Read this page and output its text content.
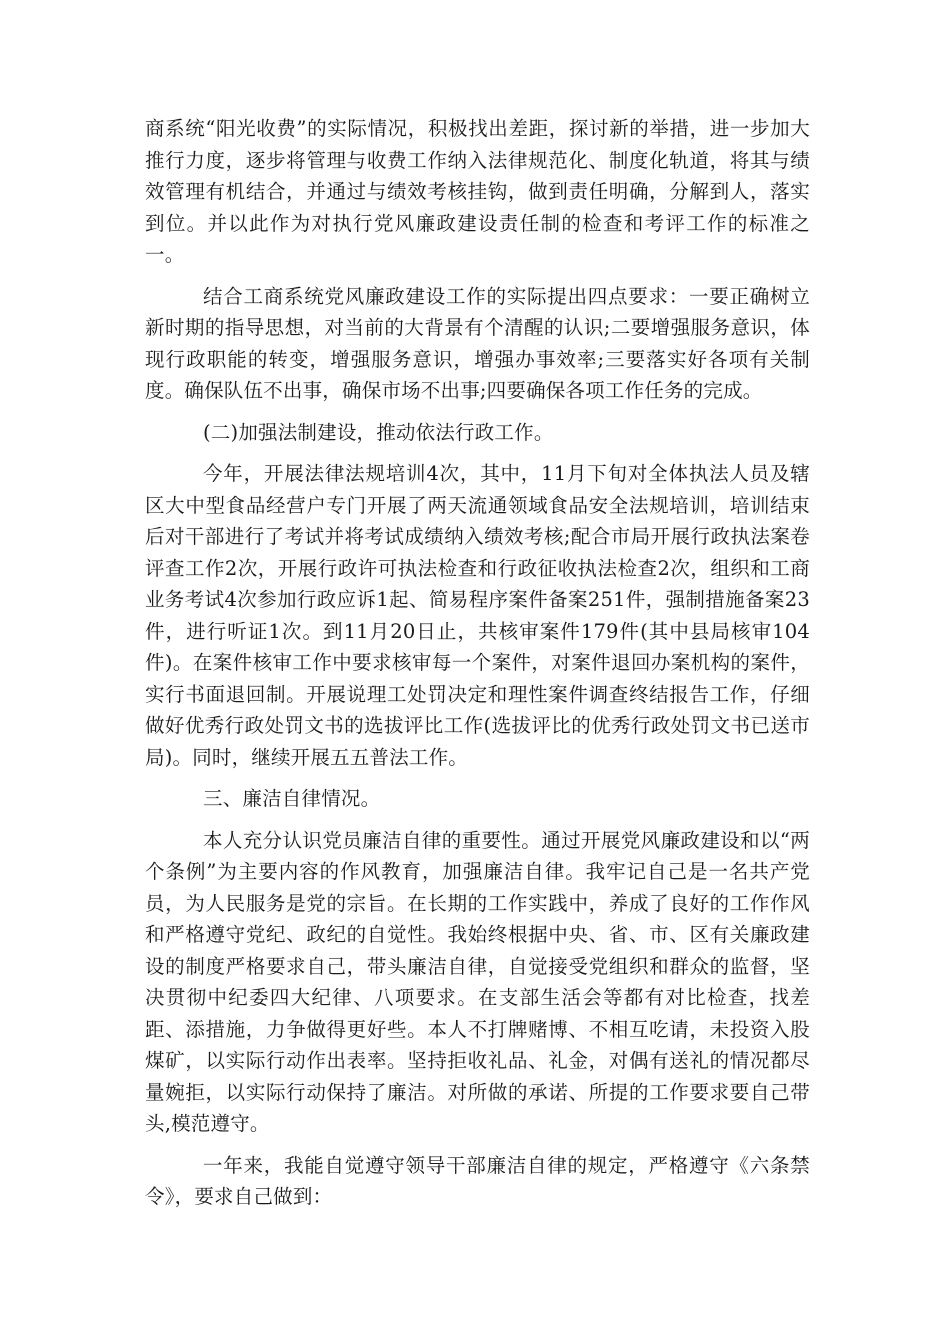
商系统“阳光收费”的实际情况，积极找出差距，探讨新的举措，进一步加大推行力度，逐步将管理与收费工作纳入法律规范化、制度化轨道，将其与绩效管理有机结合，并通过与绩效考核挂钩，做到责任明确，分解到人，落实到位。并以此作为对执行党风廉政建设责任制的检查和考评工作的标准之一。

结合工商系统党风廉政建设工作的实际提出四点要求：一要正确树立新时期的指导思想，对当前的大背景有个清醒的认识;二要增强服务意识，体现行政职能的转变，增强服务意识，增强办事效率;三要落实好各项有关制度。确保队伍不出事，确保市场不出事;四要确保各项工作任务的完成。

(二)加强法制建设，推动依法行政工作。

今年，开展法律法规培训4次，其中，11月下旬对全体执法人员及辖区大中型食品经营户专门开展了两天流通领域食品安全法规培训，培训结束后对干部进行了考试并将考试成绩纳入绩效考核;配合市局开展行政执法案卷评查工作2次，开展行政许可执法检查和行政征收执法检查2次，组织和工商业务考试4次参加行政应诉1起、简易程序案件备案251件，强制措施备案23件，进行听证1次。到11月20日止，共核审案件179件(其中县局核审104件)。在案件核审工作中要求核审每一个案件，对案件退回办案机构的案件，实行书面退回制。开展说理工处罚决定和理性案件调查终结报告工作，仔细做好优秀行政处罚文书的选拔评比工作(选拔评比的优秀行政处罚文书已送市局)。同时，继续开展五五普法工作。

三、廉洁自律情况。

本人充分认识党员廉洁自律的重要性。通过开展党风廉政建设和以“两个条例”为主要内容的作风教育，加强廉洁自律。我牢记自己是一名共产党员，为人民服务是党的宗旨。在长期的工作实践中，养成了良好的工作作风和严格遵守党纪、政纪的自觉性。我始终根据中央、省、市、区有关廉政建设的制度严格要求自己，带头廉洁自律，自觉接受党组织和群众的监督，坚决贯彻中纪委四大纪律、八项要求。在支部生活会等都有对比检查，找差距、添措施，力争做得更好些。本人不打牌赌博、不相互吃请，未投资入股煤矿，以实际行动作出表率。坚持拒收礼品、礼金，对偶有送礼的情况都尽量婉拒，以实际行动保持了廉洁。对所做的承诺、所提的工作要求要自己带头,模范遵守。

一年来，我能自觉遵守领导干部廉洁自律的规定，严格遵守《六条禁令》，要求自己做到：
